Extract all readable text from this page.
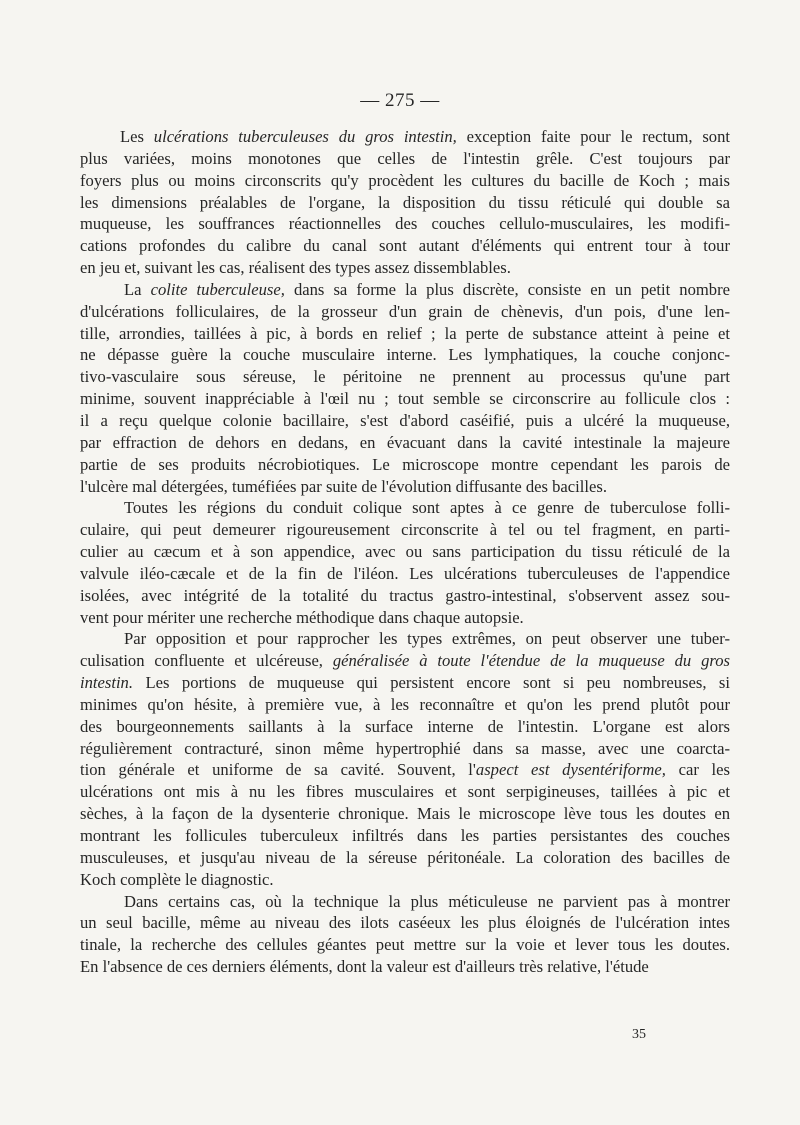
— 275 —
Les ulcérations tuberculeuses du gros intestin, exception faite pour le rectum, sont
plus variées, moins monotones que celles de l'intestin grêle. C'est toujours par
foyers plus ou moins circonscrits qu'y procèdent les cultures du bacille de Koch ; mais
les dimensions préalables de l'organe, la disposition du tissu réticulé qui double sa
muqueuse, les souffrances réactionnelles des couches cellulo-musculaires, les modifi-
cations profondes du calibre du canal sont autant d'éléments qui entrent tour à tour
en jeu et, suivant les cas, réalisent des types assez dissemblables.
La colite tuberculeuse, dans sa forme la plus discrète, consiste en un petit nombre
d'ulcérations folliculaires, de la grosseur d'un grain de chènevis, d'un pois, d'une len-
tille, arrondies, taillées à pic, à bords en relief ; la perte de substance atteint à peine et
ne dépasse guère la couche musculaire interne. Les lymphatiques, la couche conjonc-
tivo-vasculaire sous séreuse, le péritoine ne prennent au processus qu'une part
minime, souvent inappréciable à l'œil nu ; tout semble se circonscrire au follicule clos :
il a reçu quelque colonie bacillaire, s'est d'abord caséifié, puis a ulcéré la muqueuse,
par effraction de dehors en dedans, en évacuant dans la cavité intestinale la majeure
partie de ses produits nécrobiotiques. Le microscope montre cependant les parois de
l'ulcère mal détergées, tuméfiées par suite de l'évolution diffusante des bacilles.
Toutes les régions du conduit colique sont aptes à ce genre de tuberculose folli-
culaire, qui peut demeurer rigoureusement circonscrite à tel ou tel fragment, en parti-
culier au cæcum et à son appendice, avec ou sans participation du tissu réticulé de la
valvule iléo-cæcale et de la fin de l'iléon. Les ulcérations tuberculeuses de l'appendice
isolées, avec intégrité de la totalité du tractus gastro-intestinal, s'observent assez sou-
vent pour mériter une recherche méthodique dans chaque autopsie.
Par opposition et pour rapprocher les types extrêmes, on peut observer une tuber-
culisation confluente et ulcéreuse, généralisée à toute l'étendue de la muqueuse du gros
intestin. Les portions de muqueuse qui persistent encore sont si peu nombreuses, si
minimes qu'on hésite, à première vue, à les reconnaître et qu'on les prend plutôt pour
des bourgeonnements saillants à la surface interne de l'intestin. L'organe est alors
régulièrement contracturé, sinon même hypertrophié dans sa masse, avec une coarcta-
tion générale et uniforme de sa cavité. Souvent, l'aspect est dysentériforme, car les
ulcérations ont mis à nu les fibres musculaires et sont serpigineuses, taillées à pic et
sèches, à la façon de la dysenterie chronique. Mais le microscope lève tous les doutes en
montrant les follicules tuberculeux infiltrés dans les parties persistantes des couches
musculeuses, et jusqu'au niveau de la séreuse péritonéale. La coloration des bacilles de
Koch complète le diagnostic.
Dans certains cas, où la technique la plus méticuleuse ne parvient pas à montrer
un seul bacille, même au niveau des ilots caséeux les plus éloignés de l'ulcération intes
tinale, la recherche des cellules géantes peut mettre sur la voie et lever tous les doutes.
En l'absence de ces derniers éléments, dont la valeur est d'ailleurs très relative, l'étude
35
